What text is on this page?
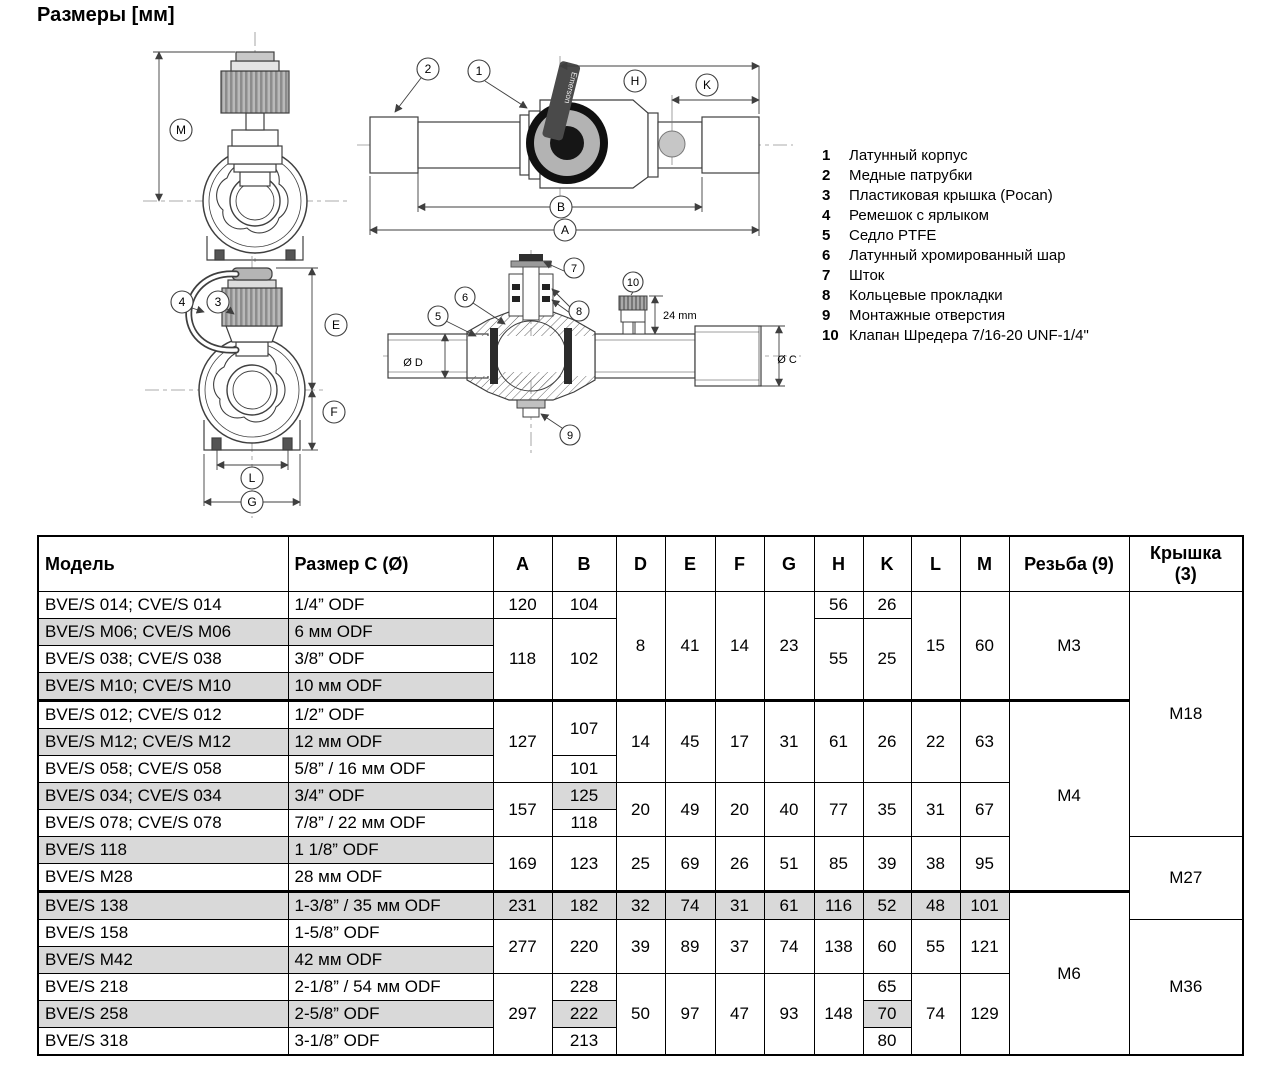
Размеры [мм]
M
Emerson
2	1
H	K
B
A
1	Латунный корпус
2	Медные патрубки
3	Пластиковая крышка (Pocan)
4	Ремешок с ярлыком
5	Седло PTFE
6	Латунный хромированный шар
7	Шток
8	Кольцевые прокладки
9	Монтажные отверстия
10 Клапан Шредера 7/16-20 UNF-1/4"
4 3
E
F
L
G
Ø D	Ø C
24 mm
5
6
7
8
10
9
Модель	Размер C (Ø)	A	B	D	E	F	G	H	K	L	M	Резьба (9)	Крышка (3)

BVE/S 014; CVE/S 014	1/4” ODF	120	104	8	41	14	23	56	26	15	60	M3	M18
BVE/S M06; CVE/S M06	6 мм ODF	118	102					55	25				
BVE/S 038; CVE/S 038	3/8” ODF												
BVE/S M10; CVE/S M10	10 мм ODF												
BVE/S 012; CVE/S 012	1/2” ODF	127	107	14	45	17	31	61	26	22	63	M4	
BVE/S M12; CVE/S M12	12 мм ODF												
BVE/S 058; CVE/S 058	5/8” / 16 мм ODF		101										
BVE/S 034; CVE/S 034	3/4” ODF	157	125	20	49	20	40	77	35	31	67		
BVE/S 078; CVE/S 078	7/8” / 22 мм ODF		118										
BVE/S 118	1 1/8” ODF	169	123	25	69	26	51	85	39	38	95		M27
BVE/S M28	28 мм ODF												
BVE/S 138	1-3/8” / 35 мм ODF	231	182	32	74	31	61	116	52	48	101	M6	
BVE/S 158	1-5/8” ODF	277	220	39	89	37	74	138	60	55	121		M36
BVE/S M42	42 мм ODF												
BVE/S 218	2-1/8” / 54 мм ODF	297	228	50	97	47	93	148	65	74	129		
BVE/S 258	2-5/8” ODF		222						70				
BVE/S 318	3-1/8” ODF		213						80				
